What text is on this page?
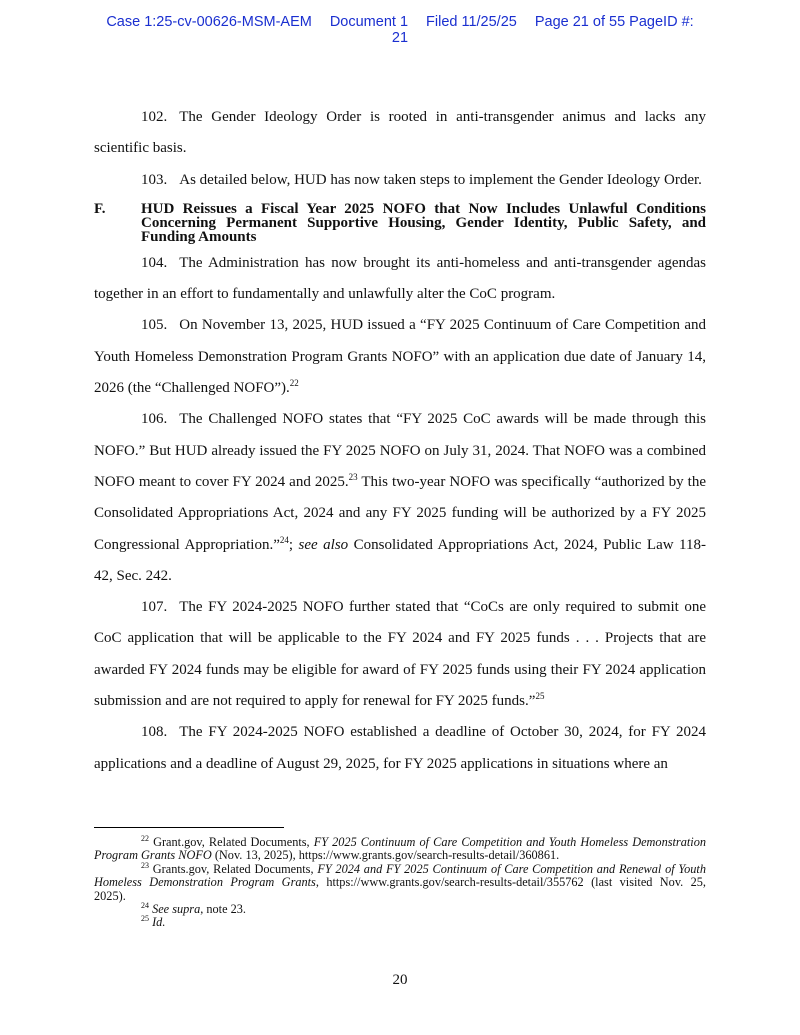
Case 1:25-cv-00626-MSM-AEM Document 1 Filed 11/25/25 Page 21 of 55 PageID #:
21

102. The Gender Ideology Order is rooted in anti-transgender animus and lacks any scientific basis.

103. As detailed below, HUD has now taken steps to implement the Gender Ideology Order.

F.	HUD Reissues a Fiscal Year 2025 NOFO that Now Includes Unlawful Conditions Concerning Permanent Supportive Housing, Gender Identity, Public Safety, and Funding Amounts

104. The Administration has now brought its anti-homeless and anti-transgender agendas together in an effort to fundamentally and unlawfully alter the CoC program.

105. On November 13, 2025, HUD issued a “FY 2025 Continuum of Care Competition and Youth Homeless Demonstration Program Grants NOFO” with an application due date of January 14, 2026 (the “Challenged NOFO”).$^{22}$

106. The Challenged NOFO states that “FY 2025 CoC awards will be made through this NOFO.” But HUD already issued the FY 2025 NOFO on July 31, 2024. That NOFO was a combined NOFO meant to cover FY 2024 and 2025.23 This two-year NOFO was specifically “authorized by the Consolidated Appropriations Act, 2024 and any FY 2025 funding will be authorized by a FY 2025 Congressional Appropriation.”$^{24}$; see also Consolidated Appropriations Act, 2024, Public Law 118-42, Sec. 242.

107. The FY 2024-2025 NOFO further stated that “CoCs are only required to submit one CoC application that will be applicable to the FY 2024 and FY 2025 funds . . . Projects that are awarded FY 2024 funds may be eligible for award of FY 2025 funds using their FY 2024 application submission and are not required to apply for renewal for FY 2025 funds.”$^{25}$

108. The FY 2024-2025 NOFO established a deadline of October 30, 2024, for FY 2024 applications and a deadline of August 29, 2025, for FY 2025 applications in situations where an

$^{22}$ Grant.gov, Related Documents, FY 2025 Continuum of Care Competition and Youth Homeless Demonstration Program Grants NOFO (Nov. 13, 2025), https://www.grants.gov/search-results-detail/360861.

$^{23}$ Grants.gov, Related Documents, FY 2024 and FY 2025 Continuum of Care Competition and Renewal of Youth Homeless Demonstration Program Grants, https://www.grants.gov/search-results-detail/355762 (last visited Nov. 25, 2025).

$^{24}$ See supra, note 23.

$^{25}$ Id.

20
